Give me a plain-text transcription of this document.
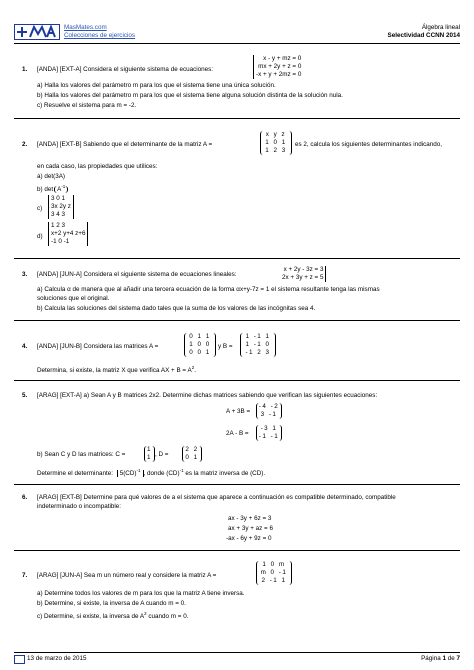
MasMates.com
Colecciones de ejercicios
Álgebra lineal
Selectividad CCNN 2014
1. [ANDA] [EXT-A] Considera el siguiente sistema de ecuaciones:
x - y + mz = 0
mx + 2y + z = 0
-x + y + 2mz = 0
a) Halla los valores del parámetro m para los que el sistema tiene una única solución.
b) Halla los valores del parámetro m para los que el sistema tiene alguna solución distinta de la solución nula.
c) Resuelve el sistema para m = -2.
2. [ANDA] [EXT-B] Sabiendo que el determinante de la matriz A =
x y z
1 0 1
1 2 3
es 2, calcula los siguientes determinantes indicando,
en cada caso, las propiedades que utilices:
a) det(3A)
b) $\det A^{-1}$
c)
3 0 1
3x 2y z
3 4 3
d)
1 2 3
x+2 y+4 z+6
-1 0 -1
3. [ANDA] [JUN-A] Considera el siguiente sistema de ecuaciones lineales:
x + 2y - 3z = 3
2x + 3y + z = 5
a) Calcula α de manera que al añadir una tercera ecuación de la forma αx+y-7z = 1 el sistema resultante tenga las mismas
soluciones que el original.
b) Calcula las soluciones del sistema dado tales que la suma de los valores de las incógnitas sea 4.
4. [ANDA] [JUN-B] Considera las matrices A =
0 1 1
1 0 0
0 0 1
y B =
1 -1 1
1 -1 0
-1 2 3
Determina, si existe, la matriz X que verifica AX + $B = A^2$.
5. [ARAG] [EXT-A] a) Sean A y B matrices 2x2. Determine dichas matrices sabiendo que verifican las siguientes ecuaciones:
A + 3B =
-4 -2
3 -1
2A - B =
-3 1
-1 -1
b) Sean C y D las matrices: C =
1
1 , D =
2 2
0 1
Determine el determinante: 5(CD)$^{-1}$ , donde (CD)$^{-1}$ es la matriz inversa de (CD).
6. [ARAG] [EXT-B] Determine para qué valores de a el sistema que aparece a continuación es compatible determinado, compatible
indeterminado o incompatible:
ax - 3y + 6z = 3
ax + 3y + az = 6
-ax - 6y + 9z = 0
7. [ARAG] [JUN-A] Sea m un número real y considere la matriz A =
1 0 m
m 0 -1
2 -1 1
a) Determine todos los valores de m para los que la matriz A tiene inversa.
b) Determine, si existe, la inversa de A cuando m = 0.
c) Determine, si existe, la inversa de $A^2$ cuando m = 0.
13 de marzo de 2015	Página 1 de 7
